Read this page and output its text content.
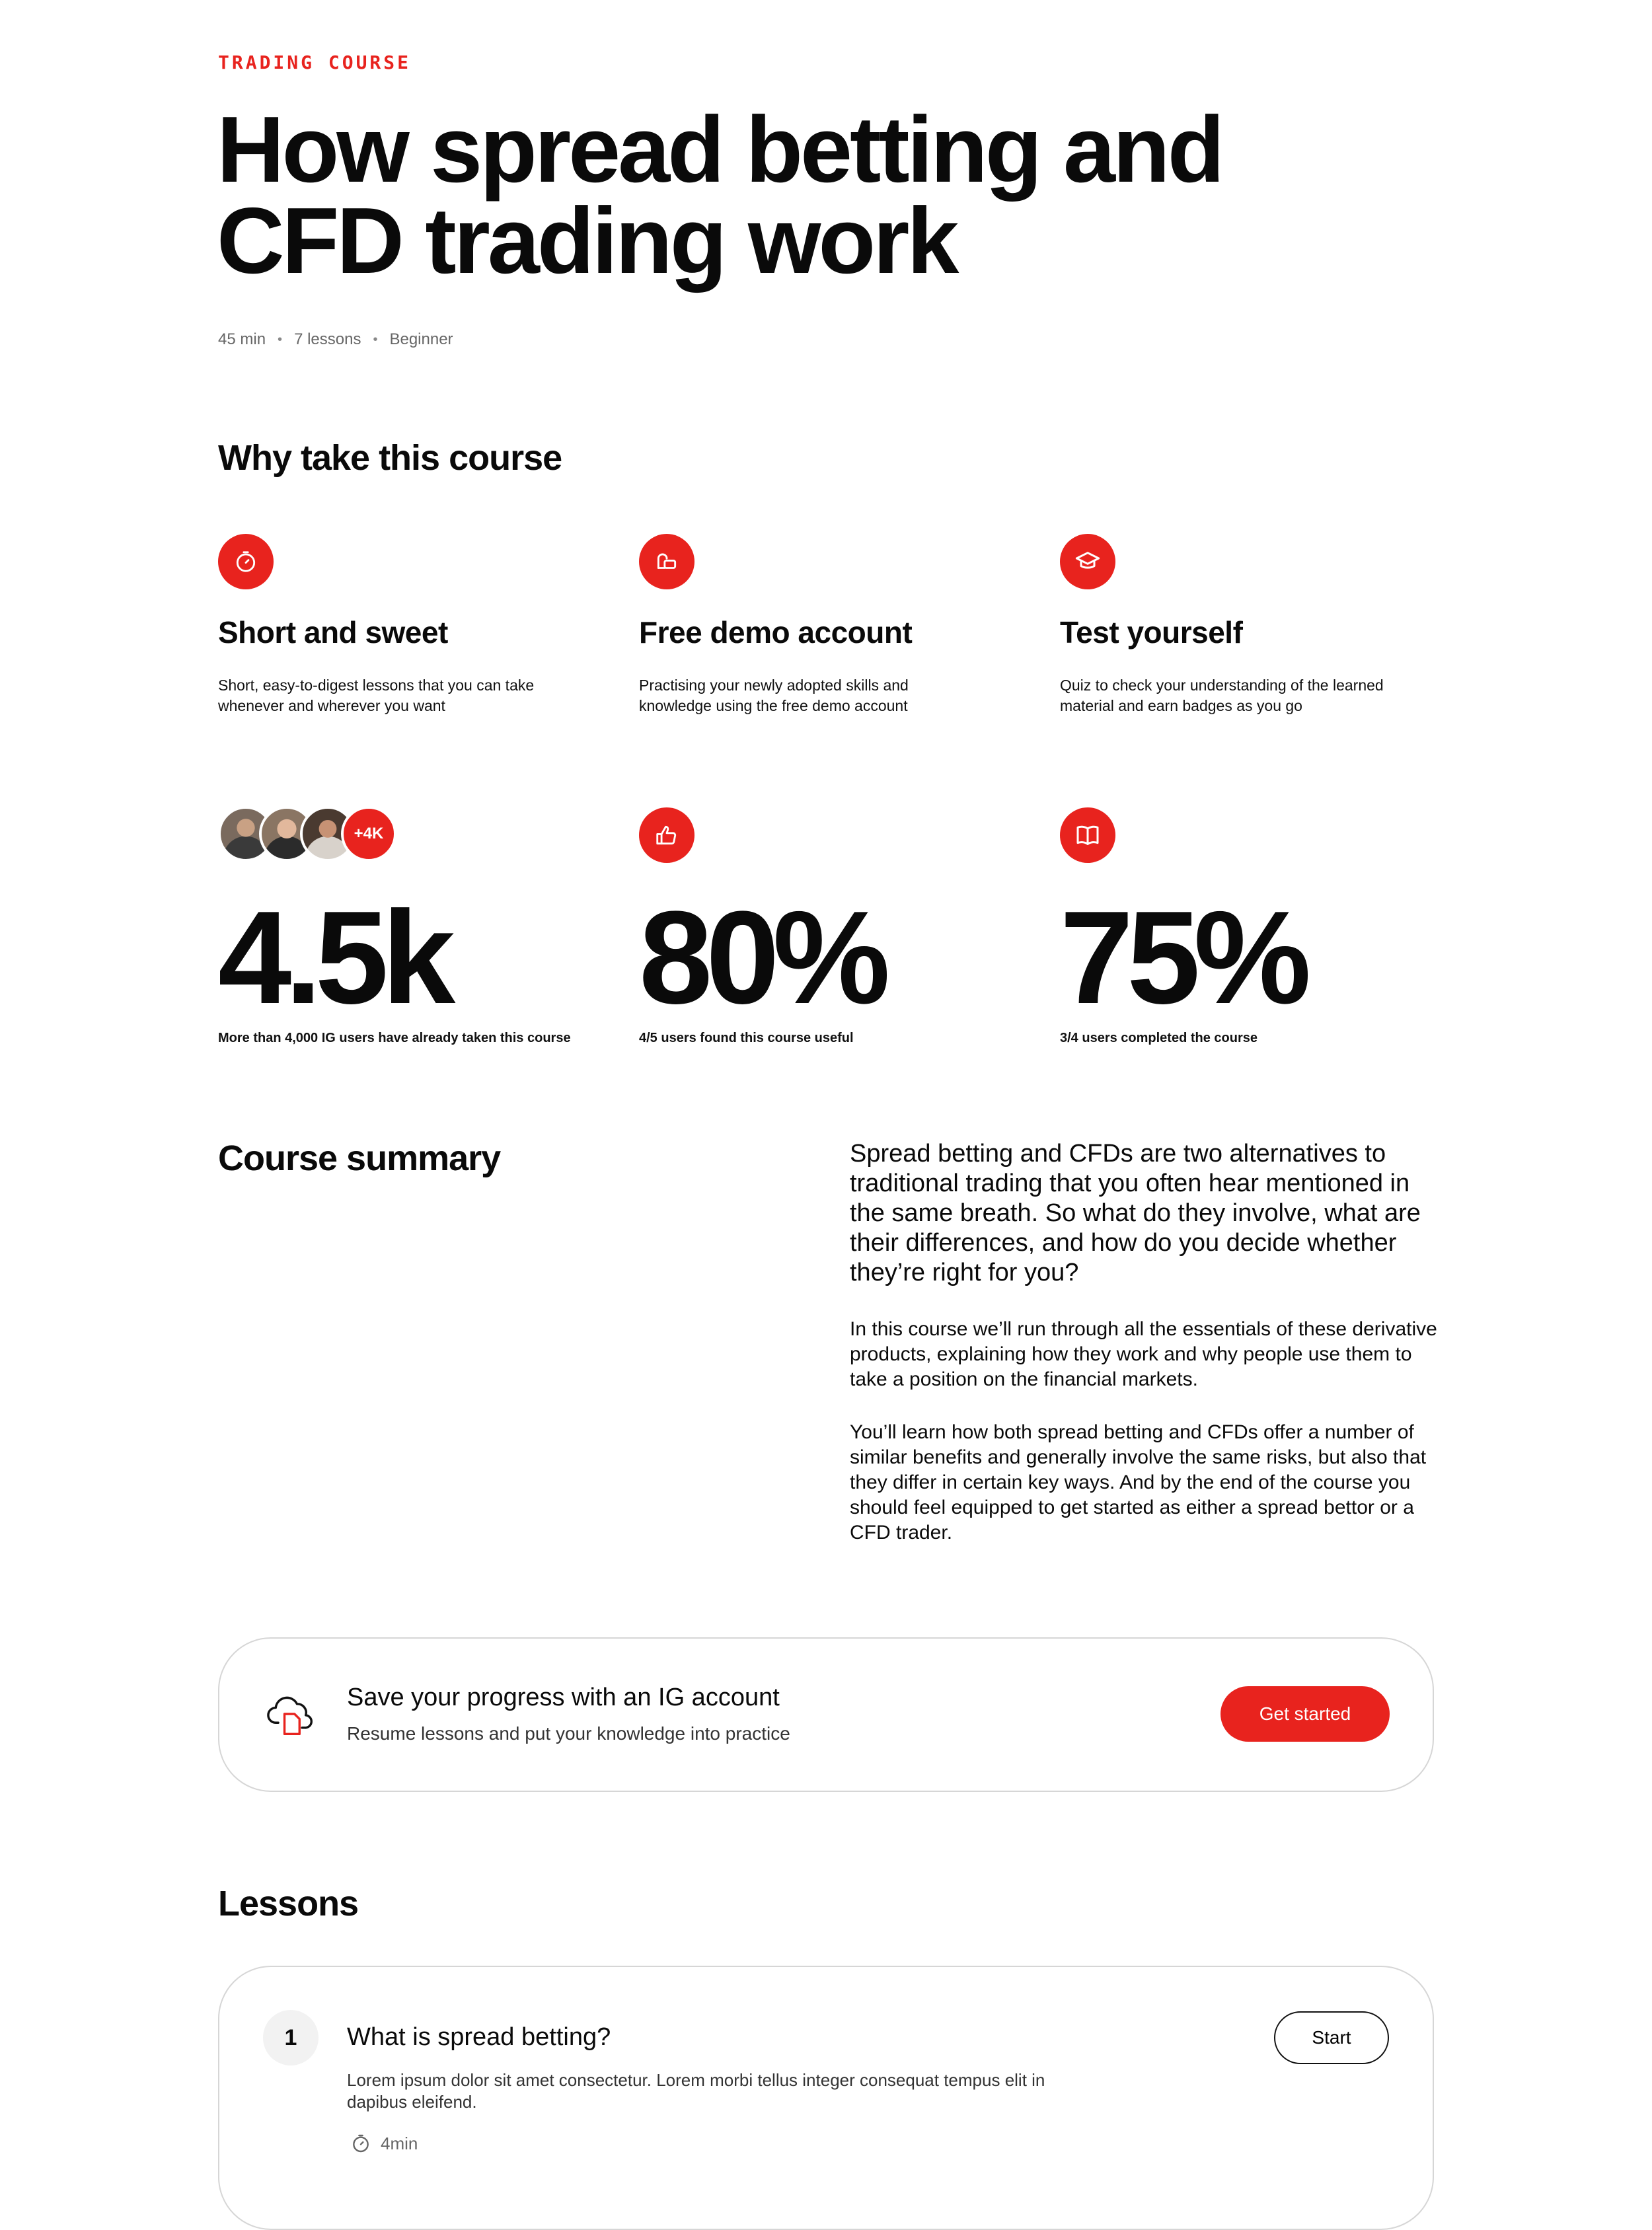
TRADING COURSE
How spread betting and
CFD trading work
45 min • 7 lessons • Beginner
Why take this course
Short and sweet
Short, easy-to-digest lessons that you can take whenever and wherever you want
Free demo account
Practising your newly adopted skills and knowledge using the free demo account
Test yourself
Quiz to check your understanding of the learned material and earn badges as you go
+4K
4.5k
More than 4,000 IG users have already taken this course
80%
4/5 users found this course useful
75%
3/4 users completed the course
Course summary	Spread betting and CFDs are two alternatives to traditional trading that you often hear mentioned in the same breath. So what do they involve, what are their differences, and how do you decide whether they’re right for you?
In this course we’ll run through all the essentials of these derivative products, explaining how they work and why people use them to take a position on the financial markets.
You’ll learn how both spread betting and CFDs offer a number of similar benefits and generally involve the same risks, but also that they differ in certain key ways. And by the end of the course you should feel equipped to get started as either a spread bettor or a CFD trader.
Save your progress with an IG account
Resume lessons and put your knowledge into practice
Get started
Lessons
1	What is spread betting?
Lorem ipsum dolor sit amet consectetur. Lorem morbi tellus integer consequat tempus elit in dapibus eleifend.
4min
Start
